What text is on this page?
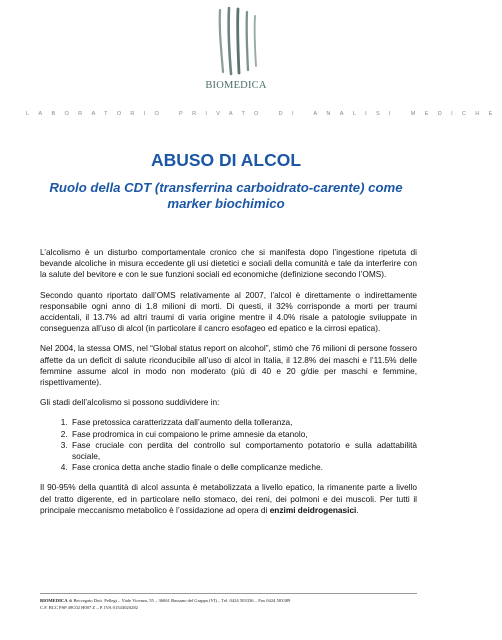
BIOMEDICA
LABORATORIO PRIVATO DI ANALISI MEDICHE
ABUSO DI ALCOL
Ruolo della CDT (transferrina carboidrato-carente) come marker biochimico

L’alcolismo è un disturbo comportamentale cronico che si manifesta dopo l’ingestione ripetuta di bevande alcoliche in misura eccedente gli usi dietetici e sociali della comunità e tale da interferire con la salute del bevitore e con le sue funzioni sociali ed economiche (definizione secondo l’OMS).

Secondo quanto riportato dall’OMS relativamente al 2007, l’alcol è direttamente o indirettamente responsabile ogni anno di 1.8 milioni di morti. Di questi, il 32% corrisponde a morti per traumi accidentali, il 13.7% ad altri traumi di varia origine mentre il 4.0% risale a patologie sviluppate in conseguenza all’uso di alcol (in particolare il cancro esofageo ed epatico e la cirrosi epatica).

Nel 2004, la stessa OMS, nel “Global status report on alcohol”, stimò che 76 milioni di persone fossero affette da un deficit di salute riconducibile all’uso di alcol in Italia, il 12.8% dei maschi e l’11.5% delle femmine assume alcol in modo non moderato (più di 40 e 20 g/die per maschi e femmine, rispettivamente).

Gli stadi dell’alcolismo si possono suddividere in:

1. Fase pretossica caratterizzata dall’aumento della tolleranza,
2. Fase prodromica in cui compaiono le prime amnesie da etanolo,
3. Fase cruciale con perdita del controllo sul comportamento potatorio e sulla adattabilità sociale,
4. Fase cronica detta anche stadio finale o delle complicanze mediche.

Il 90-95% della quantità di alcol assunta è metabolizzata a livello epatico, la rimanente parte a livello del tratto digerente, ed in particolare nello stomaco, dei reni, dei polmoni e dei muscoli. Per tutti il principale meccanismo metabolico è l’ossidazione ad opera di enzimi deidrogenasici.

BIOMEDICA di Beccegato Dott. Pellegi – Viale Vicenza, 55 – 36061 Bassano del Grappa (VI) – Tel. 0424 503336 – Fax 0424 503389
C.F. BCC PSP 49C02 H007 Z – P. IVA 01543020282
